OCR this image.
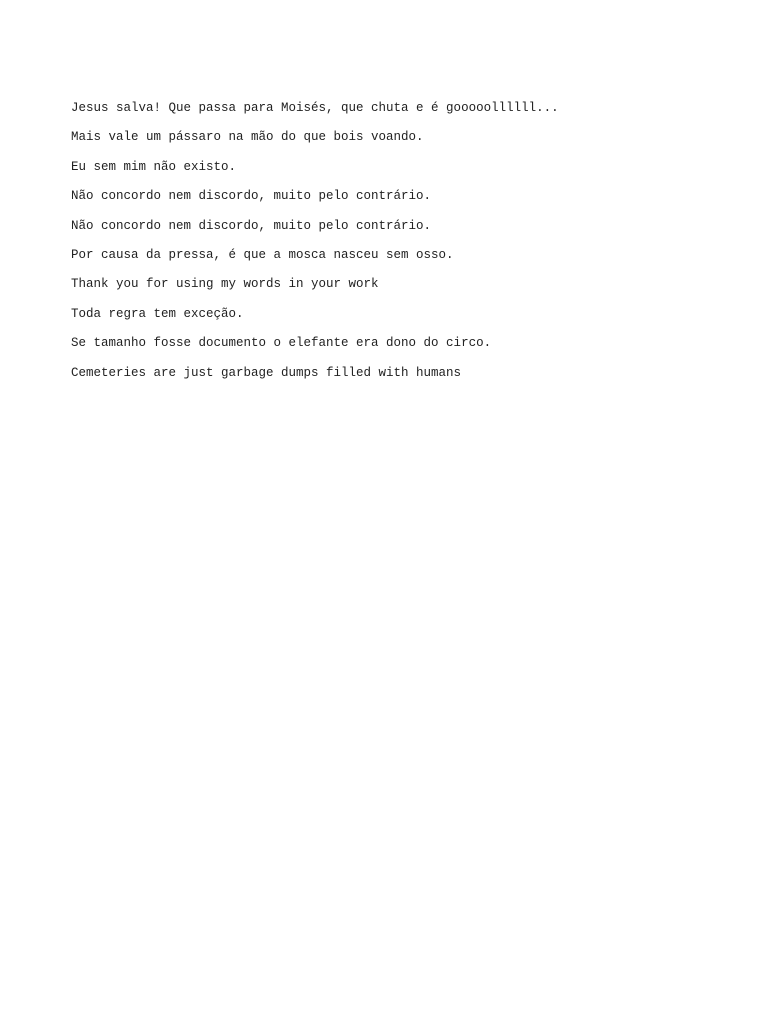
Jesus salva! Que passa para Moisés, que chuta e é gooooollllll...
Mais vale um pássaro na mão do que bois voando.
Eu sem mim não existo.
Não concordo nem discordo, muito pelo contrário.
Não concordo nem discordo, muito pelo contrário.
Por causa da pressa, é que a mosca nasceu sem osso.
Thank you for using my words in your work
Toda regra tem exceção.
Se tamanho fosse documento o elefante era dono do circo.
Cemeteries are just garbage dumps filled with humans
